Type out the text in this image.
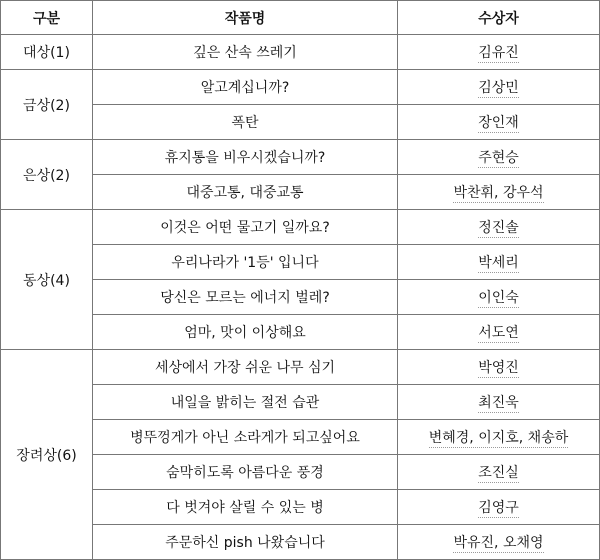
구분	작품명	수상자
대상(1)	깊은 산속 쓰레기	김유진
금상(2)	알고계십니까?	김상민
	폭탄	장인재
은상(2)	휴지통을 비우시겠습니까?	주현승
	대중고통, 대중교통	박찬휘, 강우석
동상(4)	이것은 어떤 물고기 일까요?	정진솔
	우리나라가 '1등' 입니다	박세리
	당신은 모르는 에너지 벌레?	이인숙
	엄마, 맛이 이상해요	서도연
장려상(6)	세상에서 가장 쉬운 나무 심기	박영진
	내일을 밝히는 절전 습관	최진욱
	병뚜껑게가 아닌 소라게가 되고싶어요	변혜경, 이지호, 채송하
	숨막히도록 아름다운 풍경	조진실
	다 벗겨야 살릴 수 있는 병	김영구
	주문하신 pish 나왔습니다	박유진, 오채영
